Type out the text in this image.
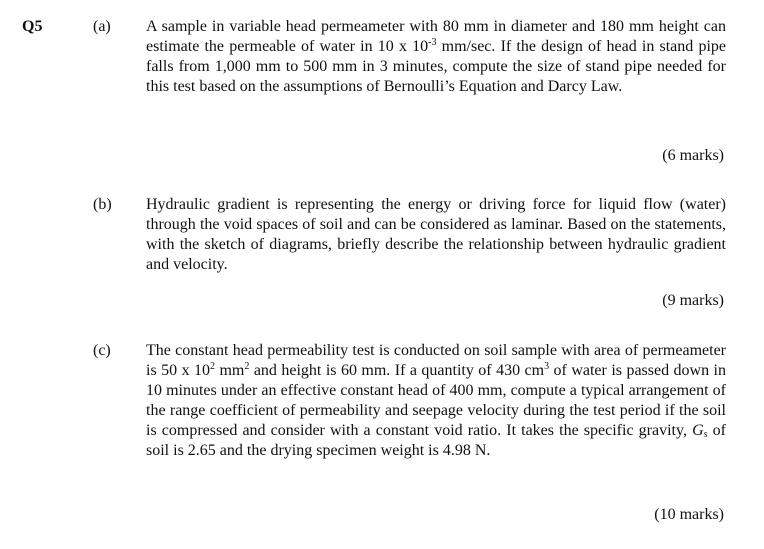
Q5	(a) A sample in variable head permeameter with 80 mm in diameter and 180 mm height can estimate the permeable of water in 10 x $10^{-3}$ mm/sec. If the design of head in stand pipe falls from 1,000 mm to 500 mm in 3 minutes, compute the size of stand pipe needed for this test based on the assumptions of Bernoulli’s Equation and Darcy Law.

(6 marks)
(b) Hydraulic gradient is representing the energy or driving force for liquid flow (water) through the void spaces of soil and can be considered as laminar. Based on the statements, with the sketch of diagrams, briefly describe the relationship between hydraulic gradient and velocity.

(9 marks)
(c) The constant head permeability test is conducted on soil sample with area of permeameter is 50 x $10^2$ $mm^2$ and height is 60 mm. If a quantity of 430 $cm^3$ of water is passed down in 10 minutes under an effective constant head of 400 mm, compute a typical arrangement of the range coefficient of permeability and seepage velocity during the test period if the soil is compressed and consider with a constant void ratio. It takes the specific gravity, $G_s$ of soil is 2.65 and the drying specimen weight is 4.98 N.

(10 marks)
